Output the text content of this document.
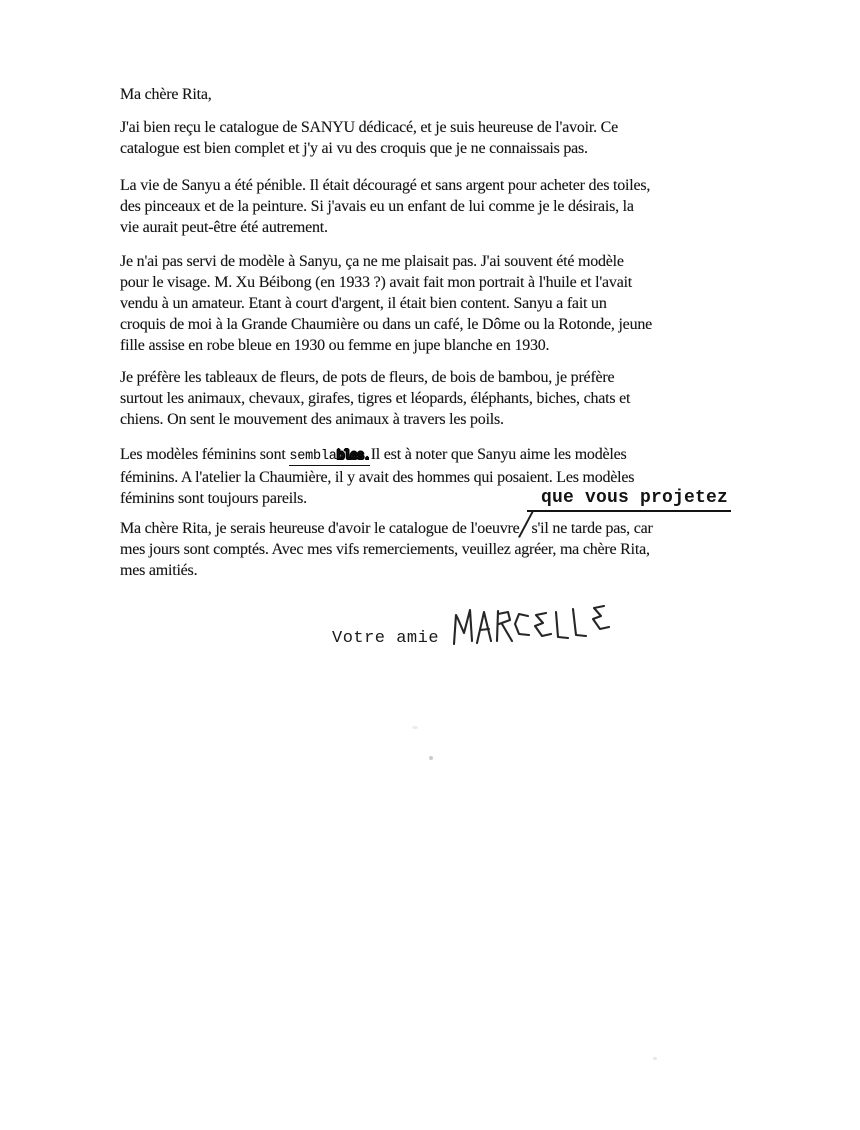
Ma chère Rita,
J'ai bien reçu le catalogue de SANYU dédicacé, et je suis heureuse de l'avoir. Ce
catalogue est bien complet et j'y ai vu des croquis que je ne connaissais pas.
La vie de Sanyu a été pénible. Il était découragé et sans argent pour acheter des toiles,
des pinceaux et de la peinture. Si j'avais eu un enfant de lui comme je le désirais, la
vie aurait peut-être été autrement.
Je n'ai pas servi de modèle à Sanyu, ça ne me plaisait pas. J'ai souvent été modèle
pour le visage. M. Xu Béibong (en 1933 ?) avait fait mon portrait à l'huile et l'avait
vendu à un amateur. Etant à court d'argent, il était bien content. Sanyu a fait un
croquis de moi à la Grande Chaumière ou dans un café, le Dôme ou la Rotonde, jeune
fille assise en robe bleue en 1930 ou femme en jupe blanche en 1930.
Je préfère les tableaux de fleurs, de pots de fleurs, de bois de bambou, je préfère
surtout les animaux, chevaux, girafes, tigres et léopards, éléphants, biches, chats et
chiens. On sent le mouvement des animaux à travers les poils.
Les modèles féminins sont semblables.Il est à noter que Sanyu aime les modèles
féminins. A l'atelier la Chaumière, il y avait des hommes qui posaient. Les modèles
féminins sont toujours pareils.	que vous projetez
Ma chère Rita, je serais heureuse d'avoir le catalogue de l'oeuvre/s'il ne tarde pas, car
mes jours sont comptés. Avec mes vifs remerciements, veuillez agréer, ma chère Rita,
mes amitiés.
Votre amie
